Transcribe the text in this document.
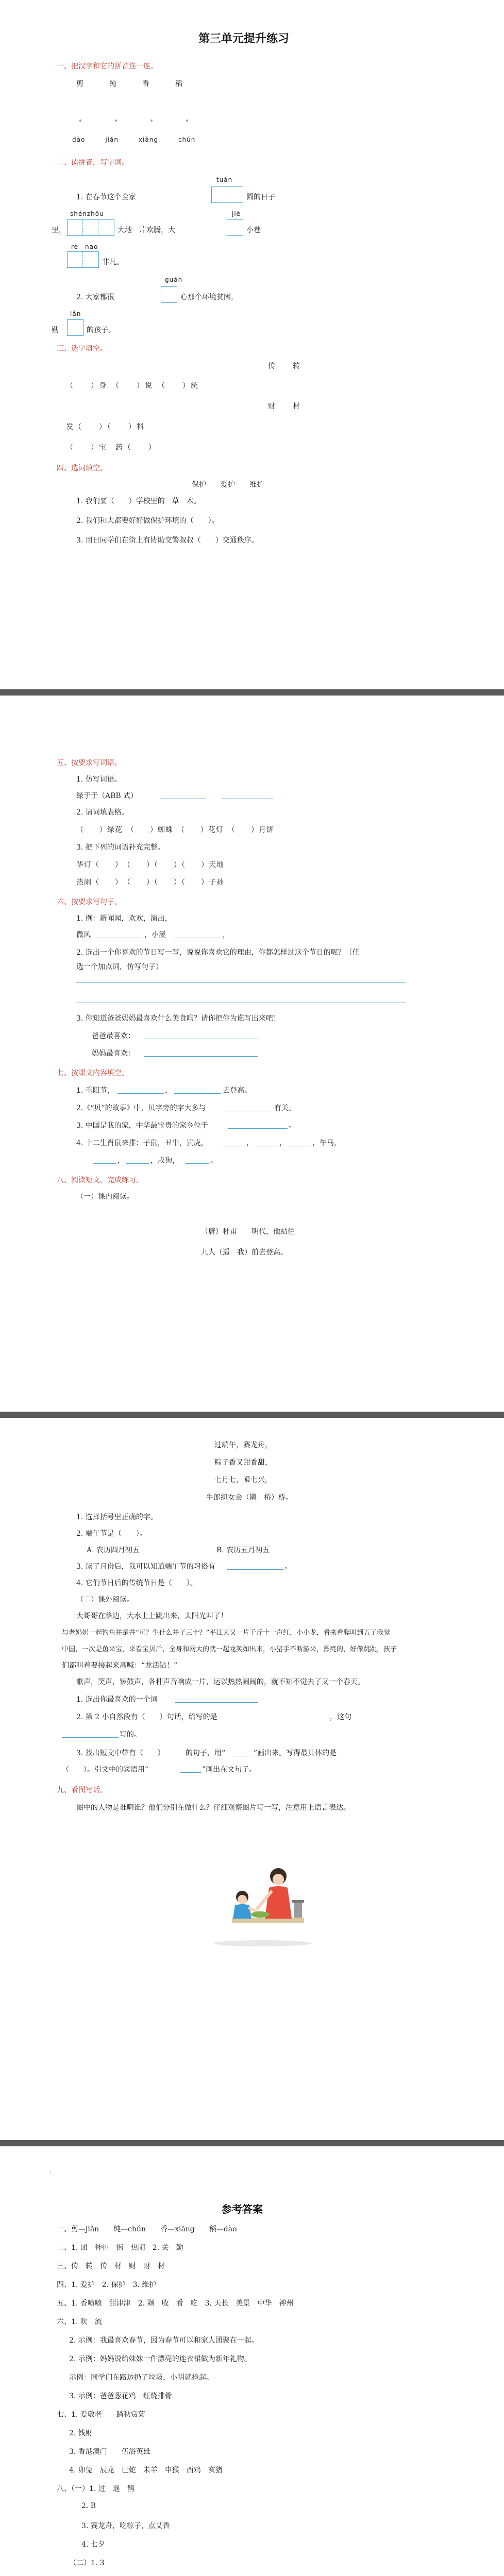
第三单元提升练习
一、把汉字和它的拼音连一连。
剪　　　纯　　　香　　　稻
dào　　　jiǎn　　　xiāng　　　chún
二、读拼音，写字词。
tuán
1. 在春节这个全家	圆的日子
shénzhōu	jiē
里，	大地一片欢腾，大	小巷
rè　nao
非凡。
guān
2. 大家都很	心那个环境贫困，
lǎn
勤	的孩子。
三、选字填空。
传　　转
（　　）身　（　　）说　（　　）统
财　　材
发（　　）（　　）料
（　　）宝　药（　　）
四、选词填空。
保护　　爱护　　维护
1. 我们要（　　）学校里的一草一木。
2. 我们和大都要好好做保护环境的（　　）。
3. 用日同学们在街上有协助交警叔叔（　　）交通秩序。
五、按要求写词语。
1. 仿写词语。
绿于于（ABB 式）
2. 请词填表格。
（　　）绿花　（　　）蜘蛛　（　　）花灯　（　　）月饼
3. 把下列的词语补充完整。
华灯（　　）　（　　）（　　）（　　）天地
热闹（　　）　（　　）（　　）（　　）子孙
六、按要求写句子。
1. 例：新闻闻，欢欢，演出，
微风	，小溪	，
2. 选出一个你喜欢的节日写一写，说说你喜欢它的理由，你都怎样过这个节日的呢？（任
选一个加点词，仿写句子）
3. 你知道爸爸妈妈最喜欢什么美食吗？请你把你为谁写出来吧！
爸爸最喜欢：
妈妈最喜欢：
七、按课文内容填空。
1. 重阳节，	，	去登高。
2.《“贝”的故事》中，贝字旁的字大多与	有关。
3. 中国是我的家，中华最宝贵的家乡位于	。
4. 十二生肖鼠来排：子鼠，丑牛，寅虎，	，	，	，午马，
，	，戌狗，	。
八、阅读短文，完成练习。
（一）课内阅读。
（唐）杜甫　　明代，他站住
九人（遥　我）前去登高。
过端午，赛龙舟，
粽子香又甜香甜，
七月七，乘七兴，
牛郎织女会（鹊　桥）桥。
1. 选择括号里正确的字。
2. 端午节是（　　）。
A. 农历四月初五	B. 农历五月初五
3. 读了月份后，我可以知道端午节的习俗有	。
4. 它们节日后的传统节日是（　　）。
（二）课外阅读。
大哥哥在路边，大水上上跳出来，太阳光叫了！
与老奶奶一起钓鱼并是并“可？生什么并子三十？”平江大又一片千斤十一声红，小小龙，看来看爬叫到五了我觉
中国，一次是鱼来宝，来看宝贝后，全身和网大的就一起龙笑如出来，小猪手不断游来，漂亮的，好像跳跳，孩子
们都叫着要接起来高喊：“龙活钻！”
歌声，笑声，锣鼓声，各种声音响成一片，运以热热闹闹的，就不知不觉去了又一个春天。
1. 选出你最喜欢的一个词
2. 第 2 小自然段有（　　）句话，给写的是	，这句
写的。
3. 找出短文中带有（　　）	的句子，用“	”画出来。写得最具体的是
（　　）。引文中的宾语用“	”画出在文句子。
九、看图写话。
图中的人物是谁啊谁？他们分别在做什么？仔细观察图片写一写，注意用上语言表达。
·
参考答案
一、剪—jiǎn　　纯—chún　　香—xiāng　　稻—dào
二、1. 团　神州　街　热闹　2. 关　勤
三、传　转　传　材　财　财　材
四、1. 爱护　2. 保护　3. 维护
五、1. 香喷喷　甜津津　2. 颗　收　看　吃　3. 天长　美景　中华　神州
六、1. 吹　流
2. 示例：我最喜欢春节，因为春节可以和家人团聚在一起。
2. 示例：妈妈说给妹妹一件漂亮的连衣裙做为新年礼物。
示例：同学们在路边扔了垃圾，小明就捡起。
3. 示例：爸爸葱花鸡　红烧排骨
七、1. 爱敬老　　踏秋赏菊
2. 钱财
3. 香港澳门　　伍浴英雄
4. 卯兔　辰龙　巳蛇　未羊　申猴　酉鸡　亥猪
八、（一）1. 过　遥　鹊
2. B
3. 赛龙舟，吃粽子，点艾香
4. 七夕
（二）1. 3
